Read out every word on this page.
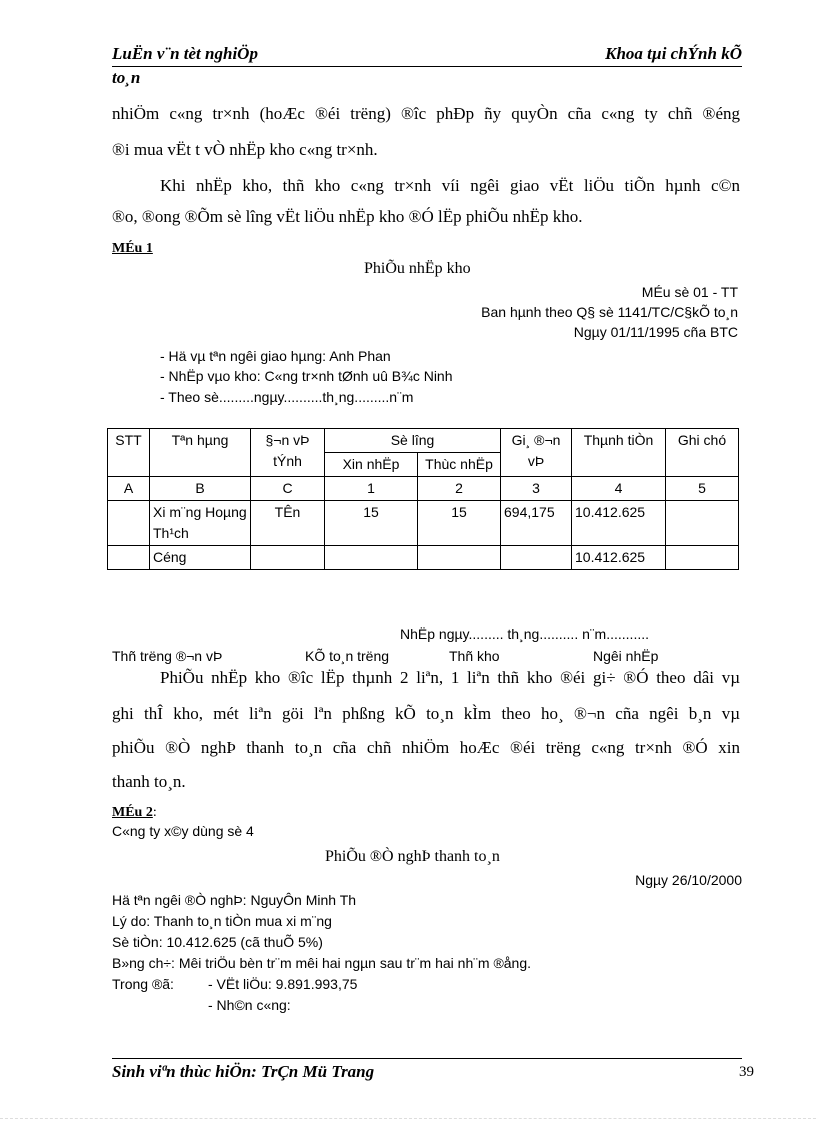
LuËn v¨n tèt nghiÖp	Khoa tµi chÝnh kÕ
to¸n
nhiÖm c«ng tr×nh (hoÆc ®éi trëng) ®îc phÐp ñy quyÒn cña c«ng ty chñ ®éng
®i mua vËt t vÒ nhËp kho c«ng tr×nh.
Khi nhËp kho, thñ kho c«ng tr×nh víi ngêi giao vËt liÖu tiÕn hµnh c©n
®o, ®ong ®Õm sè lîng vËt liÖu nhËp kho ®Ó lËp phiÕu nhËp kho.
MÉu 1
PhiÕu nhËp kho
MÉu sè 01 - TT
Ban hµnh theo Q§ sè 1141/TC/C§kÕ to¸n
Ngµy 01/11/1995 cña BTC
- Hä vµ tªn ngêi giao hµng: Anh Phan
- NhËp vµo kho: C«ng tr×nh tØnh uû B¾c Ninh
- Theo sè.........ngµy..........th¸ng.........n¨m
STT	Tªn hµng	§¬n vÞ tÝnh	Sè lîng		Gi¸ ®¬n vÞ	Thµnh tiÒn	Ghi chó
			Xin nhËp	Thùc nhËp			
A	B	C	1	2	3	4	5
	Xi m¨ng Hoµng Th¹ch	TÊn	15	15	694,175	10.412.625	
	Céng					10.412.625	
NhËp ngµy......... th¸ng.......... n¨m...........
Thñ trëng ®¬n vÞ	KÕ to¸n trëng	Thñ kho	Ngêi nhËp
PhiÕu nhËp kho ®îc lËp thµnh 2 liªn, 1 liªn thñ kho ®éi gi÷ ®Ó theo dâi vµ
ghi thÎ kho, mét liªn göi lªn phßng kÕ to¸n kÌm theo ho¸ ®¬n cña ngêi b¸n vµ
phiÕu ®Ò nghÞ thanh to¸n cña chñ nhiÖm hoÆc ®éi trëng c«ng tr×nh ®Ó xin
thanh to¸n.
MÉu 2:
C«ng ty x©y dùng sè 4
PhiÕu ®Ò nghÞ thanh to¸n
Ngµy 26/10/2000
Hä tªn ngêi ®Ò nghÞ: NguyÔn Minh Th
Lý do: Thanh to¸n tiÒn mua xi m¨ng
Sè tiÒn: 10.412.625 (cã thuÕ 5%)
B»ng ch÷: Mêi triÖu bèn tr¨m mêi hai ngµn sau tr¨m hai nh¨m ®ång.
Trong ®ã: - VËt liÖu: 9.891.993,75
- Nh©n c«ng:
Sinh viªn thùc hiÖn: TrÇn Mü Trang	39
